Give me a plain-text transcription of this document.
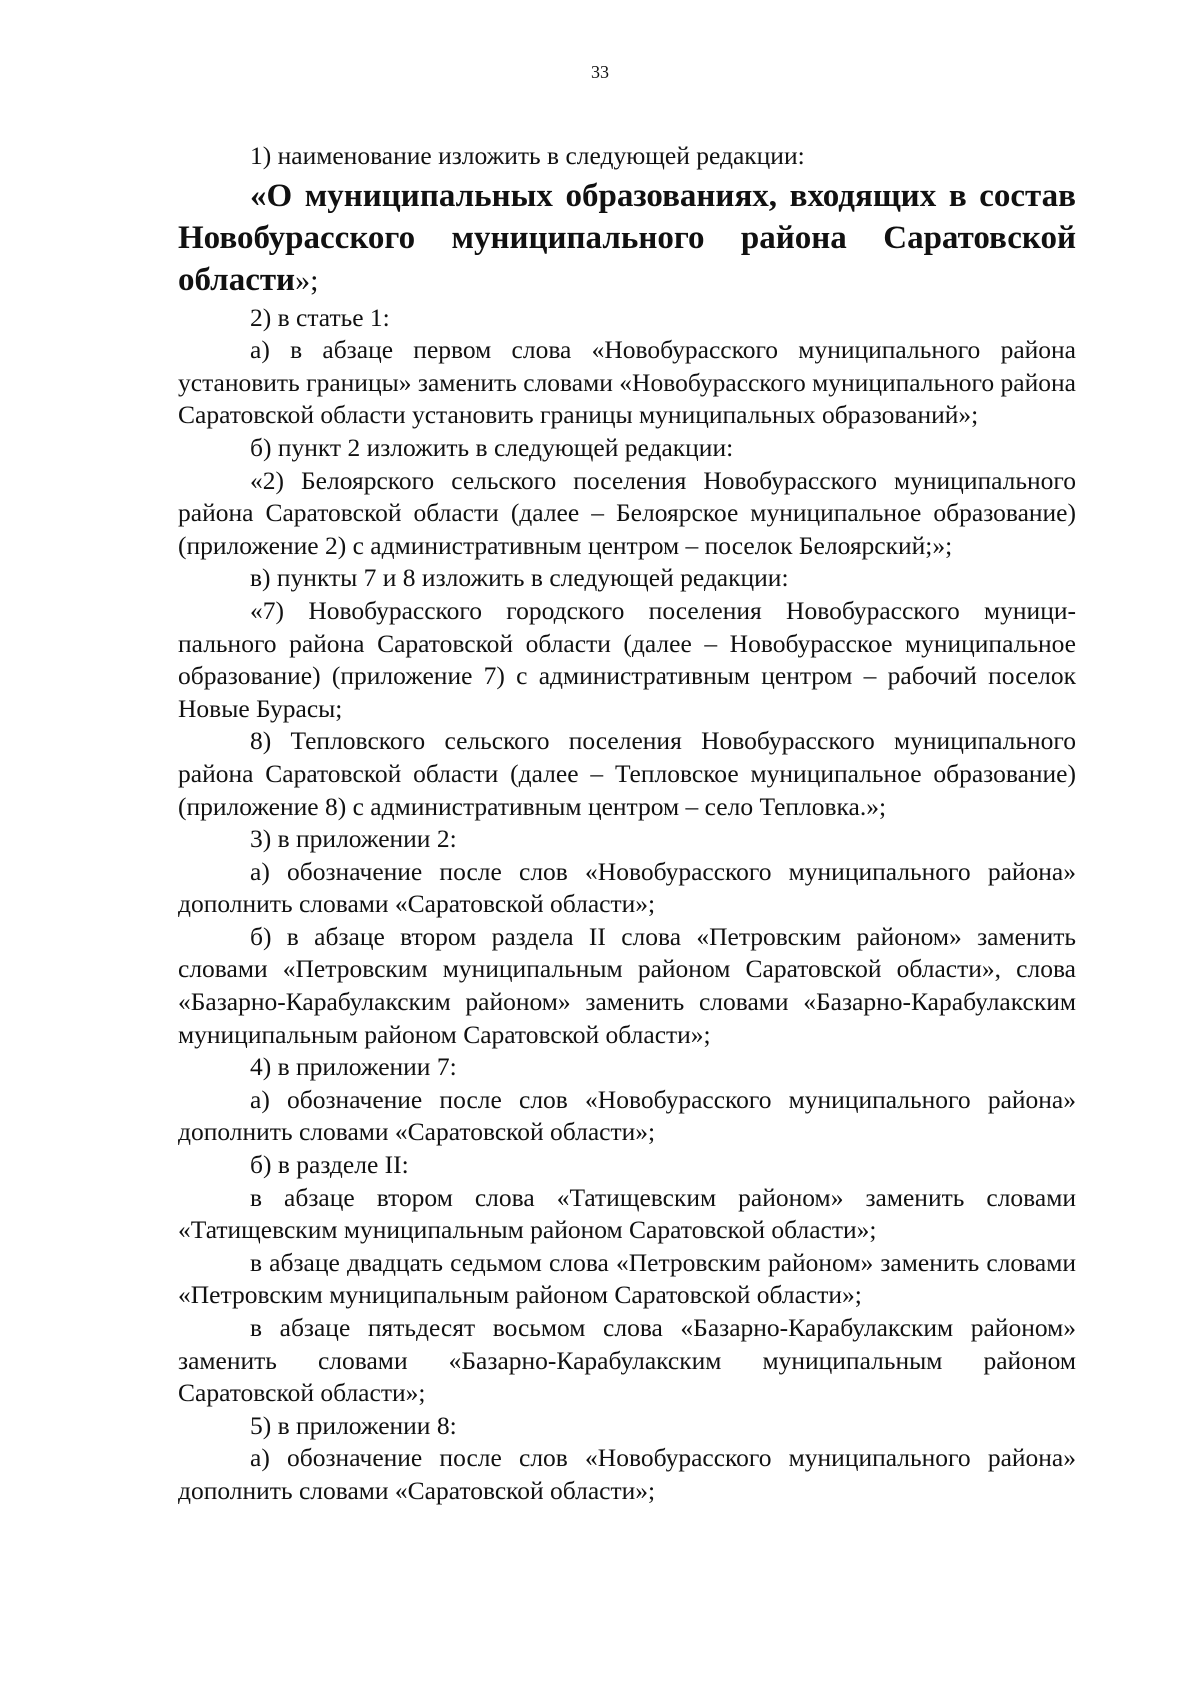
33

1) наименование изложить в следующей редакции:

«О муниципальных образованиях, входящих в состав Новобурасского муниципального района Саратовской области»;

2) в статье 1:

а) в абзаце первом слова «Новобурасского муниципального района установить границы» заменить словами «Новобурасского муниципального района Саратовской области установить границы муниципальных образований»;

б) пункт 2 изложить в следующей редакции:

«2) Белоярского сельского поселения Новобурасского муниципального района Саратовской области (далее – Белоярское муниципальное образование) (приложение 2) с административным центром – поселок Белоярский;»;

в) пункты 7 и 8 изложить в следующей редакции:

«7) Новобурасского городского поселения Новобурасского муниципального района Саратовской области (далее – Новобурасское муниципальное образование) (приложение 7) с административным центром – рабочий поселок Новые Бурасы;

8) Тепловского сельского поселения Новобурасского муниципального района Саратовской области (далее – Тепловское муниципальное образование) (приложение 8) с административным центром – село Тепловка.»;

3) в приложении 2:

а) обозначение после слов «Новобурасского муниципального района» дополнить словами «Саратовской области»;

б) в абзаце втором раздела II слова «Петровским районом» заменить словами «Петровским муниципальным районом Саратовской области», слова «Базарно-Карабулакским районом» заменить словами «Базарно-Карабулакским муниципальным районом Саратовской области»;

4) в приложении 7:

а) обозначение после слов «Новобурасского муниципального района» дополнить словами «Саратовской области»;

б) в разделе II:

в абзаце втором слова «Татищевским районом» заменить словами «Татищевским муниципальным районом Саратовской области»;

в абзаце двадцать седьмом слова «Петровским районом» заменить словами «Петровским муниципальным районом Саратовской области»;

в абзаце пятьдесят восьмом слова «Базарно-Карабулакским районом» заменить словами «Базарно-Карабулакским муниципальным районом Саратовской области»;

5) в приложении 8:

а) обозначение после слов «Новобурасского муниципального района» дополнить словами «Саратовской области»;
